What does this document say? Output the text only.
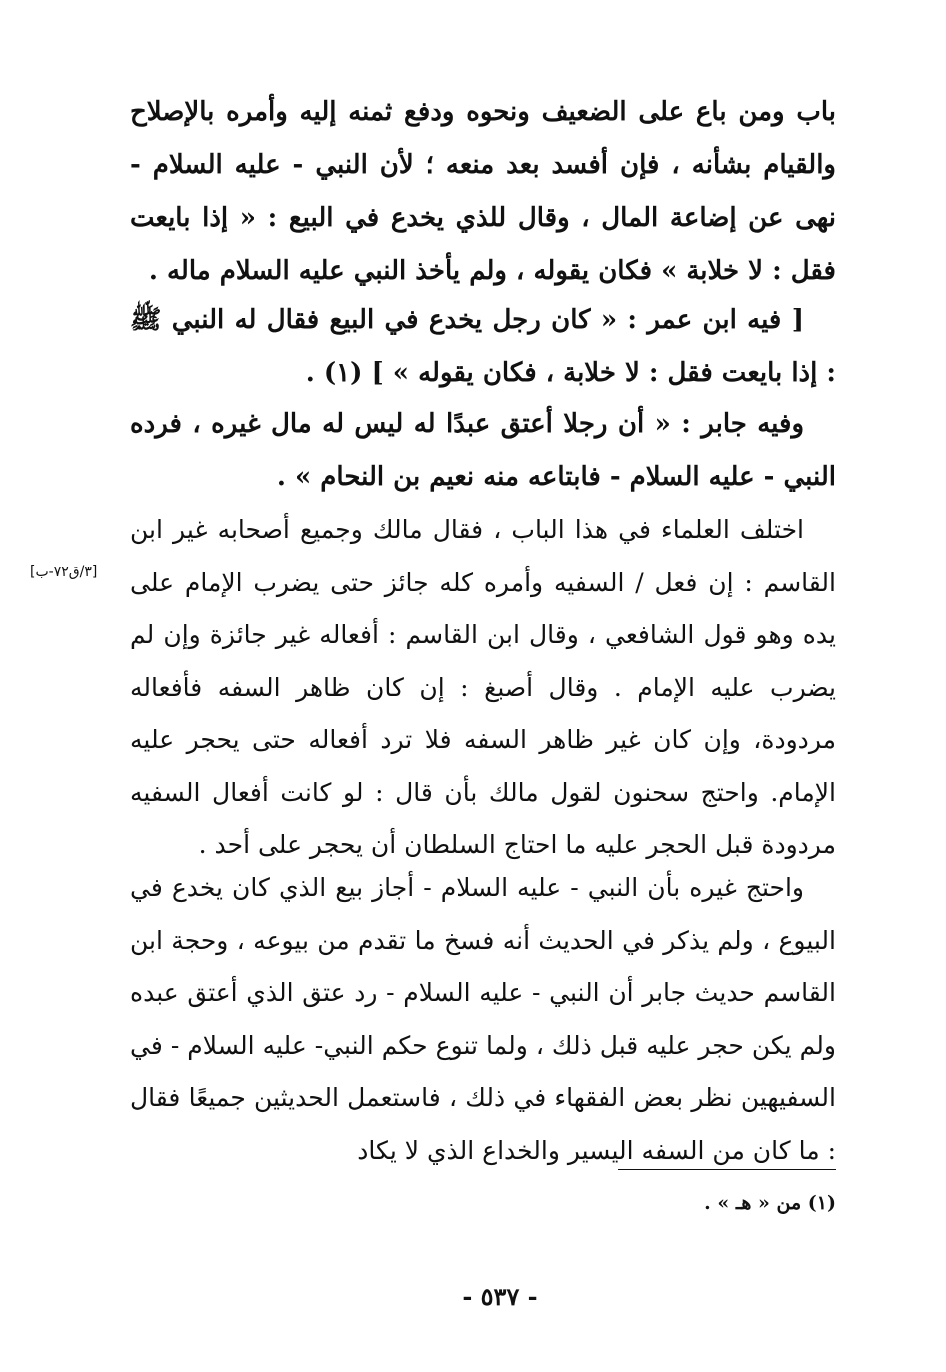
باب ومن باع على الضعيف ونحوه ودفع ثمنه إليه وأمره بالإصلاح والقيام بشأنه ، فإن أفسد بعد منعه ؛ لأن النبي - عليه السلام - نهى عن إضاعة المال ، وقال للذي يخدع في البيع : « إذا بايعت فقل : لا خلابة » فكان يقوله ، ولم يأخذ النبي عليه السلام ماله .

[ فيه ابن عمر : « كان رجل يخدع في البيع فقال له النبي ﷺ : إذا بايعت فقل : لا خلابة ، فكان يقوله » ] (١) .

وفيه جابر : « أن رجلا أعتق عبدًا له ليس له مال غيره ، فرده النبي - عليه السلام - فابتاعه منه نعيم بن النحام » .

اختلف العلماء في هذا الباب ، فقال مالك وجميع أصحابه غير ابن القاسم : إن فعل / السفيه وأمره كله جائز حتى يضرب الإمام على يده وهو قول الشافعي ، وقال ابن القاسم : أفعاله غير جائزة وإن لم يضرب عليه الإمام . وقال أصبغ : إن كان ظاهر السفه فأفعاله مردودة، وإن كان غير ظاهر السفه فلا ترد أفعاله حتى يحجر عليه الإمام. واحتج سحنون لقول مالك بأن قال : لو كانت أفعال السفيه مردودة قبل الحجر عليه ما احتاج السلطان أن يحجر على أحد .

[٣/ق٧٢-ب]

واحتج غيره بأن النبي - عليه السلام - أجاز بيع الذي كان يخدع في البيوع ، ولم يذكر في الحديث أنه فسخ ما تقدم من بيوعه ، وحجة ابن القاسم حديث جابر أن النبي - عليه السلام - رد عتق الذي أعتق عبده ولم يكن حجر عليه قبل ذلك ، ولما تنوع حكم النبي- عليه السلام - في السفيهين نظر بعض الفقهاء في ذلك ، فاستعمل الحديثين جميعًا فقال : ما كان من السفه اليسير والخداع الذي لا يكاد

(١) من « هـ » .
- ٥٣٧ -
